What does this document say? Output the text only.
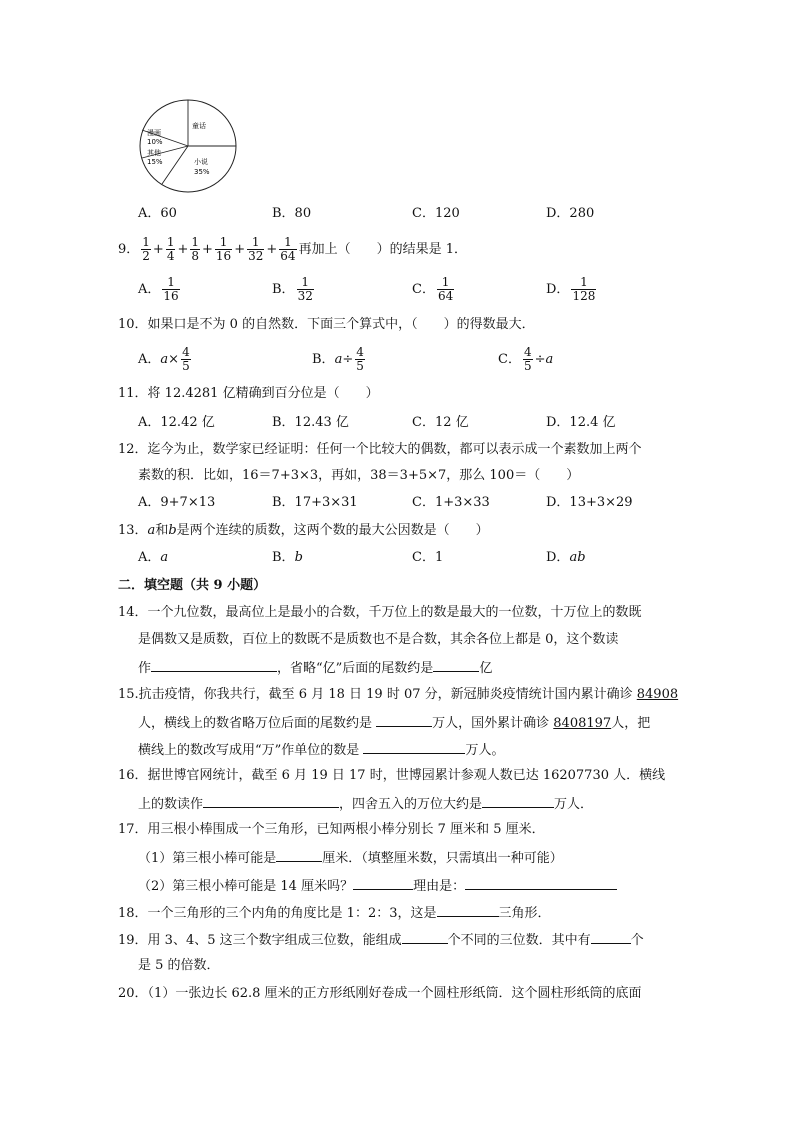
童话
漫画
10%
其他
15%	小说
35%
A．60	B．80	C．120	D．280
9． $\frac{1}{2} + \frac{1}{4} + \frac{1}{8} + \frac{1}{16} + \frac{1}{32} + \frac{1}{64}$ 再加上（　　）的结果是 1．
A． $\frac{1}{16}$	B． $\frac{1}{32}$	C． $\frac{1}{64}$	D． $\frac{1}{128}$
10．如果口是不为 0 的自然数．下面三个算式中，（　　）的得数最大．
A．$a\times \frac{4}{5}$	B．$a\div \frac{4}{5}$	C． $\frac{4}{5} \div a$
11．将 12.4281 亿精确到百分位是（　　）
A．12.42 亿	B．12.43 亿	C．12 亿	D．12.4 亿
12．迄今为止，数学家已经证明：任何一个比较大的偶数，都可以表示成一个素数加上两个
素数的积．比如，16＝7+3×3，再如，38＝3+5×7，那么 100＝（　　）
A．9+7×13	B．17+3×31	C．1+3×33	D．13+3×29
13．a和b是两个连续的质数，这两个数的最大公因数是（　　）
A．a	B．b	C．1	D．ab
二．填空题（共 9 小题）
14．一个九位数，最高位上是最小的合数，千万位上的数是最大的一位数，十万位上的数既
是偶数又是质数，百位上的数既不是质数也不是合数，其余各位上都是 0，这个数读
作	，省略“亿”后面的尾数约是	亿
15.抗击疫情，你我共行，截至 6 月 18 日 19 时 07 分，新冠肺炎疫情统计国内累计确诊 84908
人，横线上的数省略万位后面的尾数约是	万人，国外累计确诊 8408197人，把
横线上的数改写成用“万”作单位的数是	万人。
16．据世博官网统计，截至 6 月 19 日 17 时，世博园累计参观人数已达 16207730 人．横线
上的数读作	，四舍五入的万位大约是	万人．
17．用三根小棒围成一个三角形，已知两根小棒分别长 7 厘米和 5 厘米．
（1）第三根小棒可能是	厘米．（填整厘米数，只需填出一种可能）
（2）第三根小棒可能是 14 厘米吗？	理由是：
18．一个三角形的三个内角的角度比是 1：2：3，这是	三角形．
19．用 3、4、5 这三个数字组成三位数，能组成	个不同的三位数．其中有	个
是 5 的倍数．
20．（1）一张边长 62.8 厘米的正方形纸刚好卷成一个圆柱形纸筒．这个圆柱形纸筒的底面
